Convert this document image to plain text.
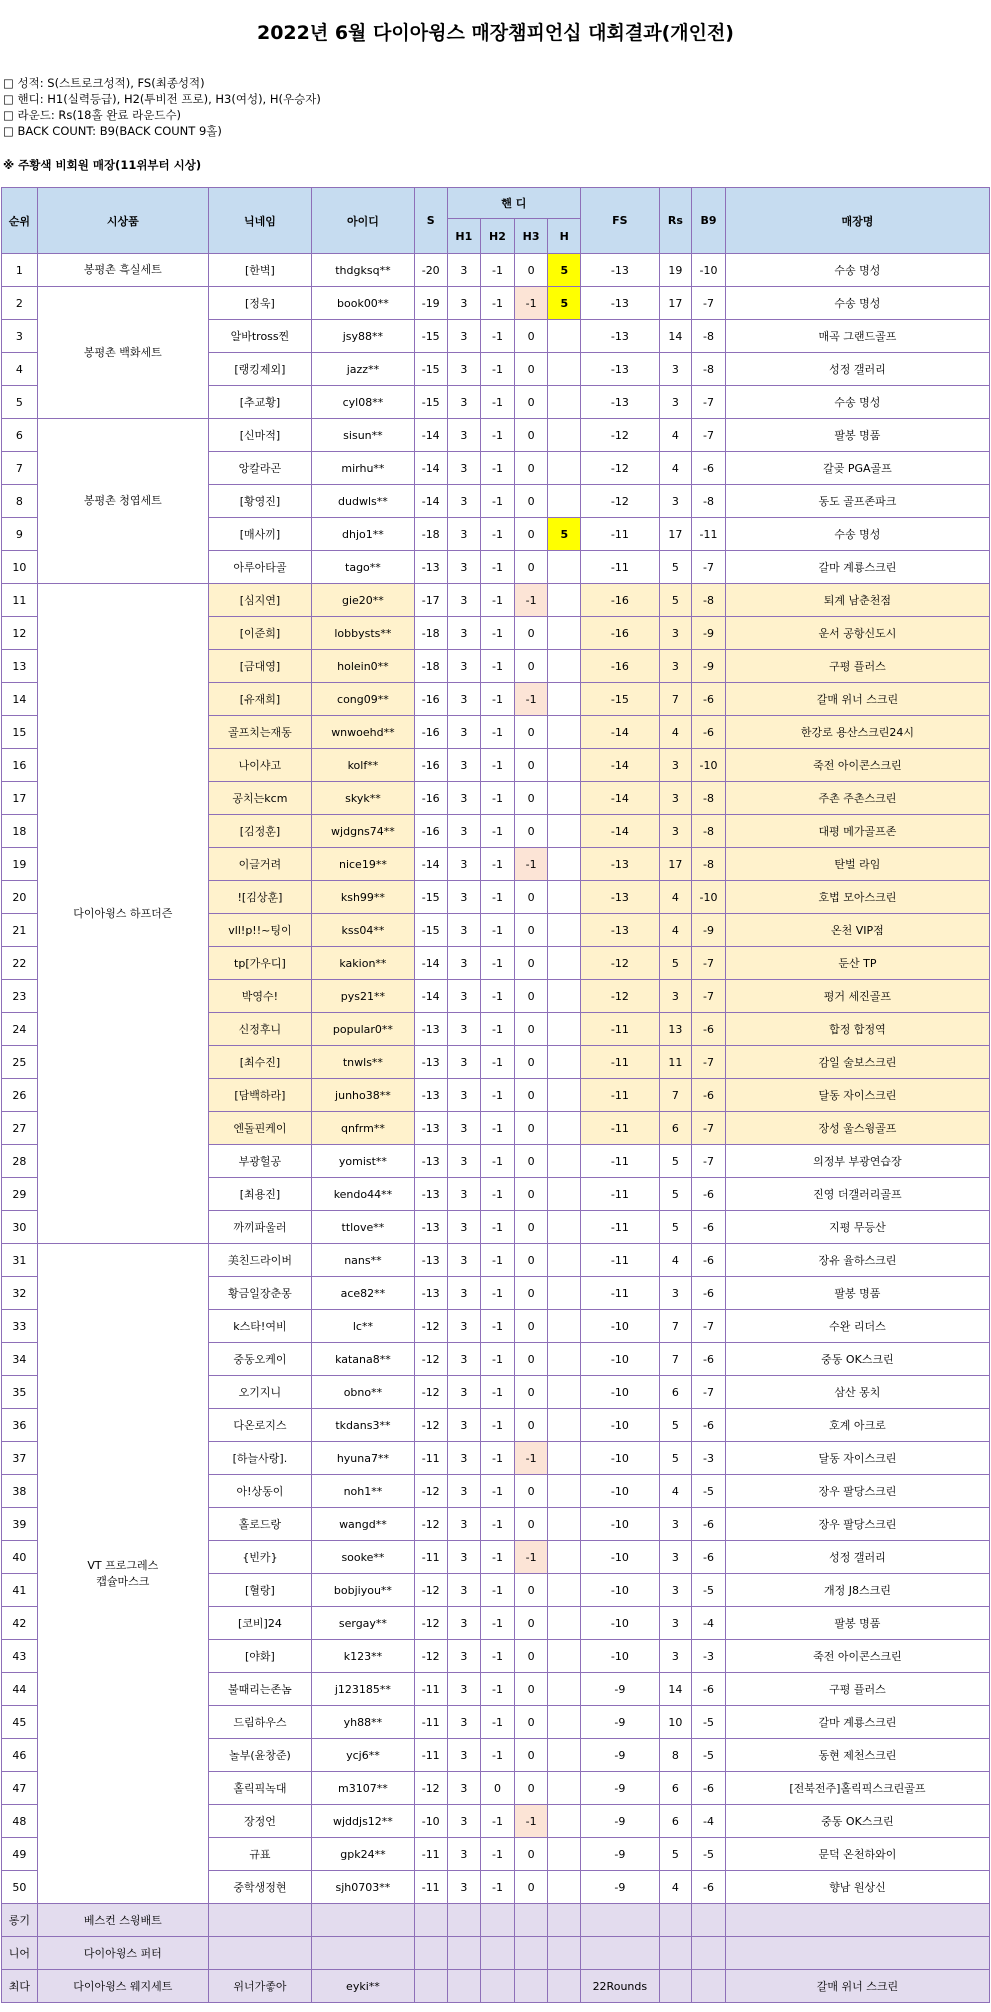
2022년 6월 다이아윙스 매장챔피언십 대회결과(개인전)
□ 성적: S(스트로크성적), FS(최종성적)
□ 핸디: H1(실력등급), H2(투비전 프로), H3(여성), H(우승자)
□ 라운드: Rs(18홀 완료 라운드수)
□ BACK COUNT: B9(BACK COUNT 9홀)
※ 주황색 비회원 매장(11위부터 시상)
순위	시상품	닉네임	아이디	S	핸 디				FS	Rs	B9	매장명
					H1	H2	H3	H				
1	봉평촌 흑실세트	[한벽]	thdgksq**	-20	3	-1	0	5	-13	19	-10	수송 명성
2	봉평촌 백화세트	[정욱]	book00**	-19	3	-1	-1	5	-13	17	-7	수송 명성
3		알바tross찐	jsy88**	-15	3	-1	0		-13	14	-8	매곡 그랜드골프
4		[랭킹제외]	jazz**	-15	3	-1	0		-13	3	-8	성정 갤러리
5		[추교황]	cyl08**	-15	3	-1	0		-13	3	-7	수송 명성
6	봉평촌 청엽세트	[신마적]	sisun**	-14	3	-1	0		-12	4	-7	팔봉 명품
7		앙칼라곤	mirhu**	-14	3	-1	0		-12	4	-6	갈곶 PGA골프
8		[황영진]	dudwls**	-14	3	-1	0		-12	3	-8	동도 골프존파크
9		[매사끼]	dhjo1**	-18	3	-1	0	5	-11	17	-11	수송 명성
10		아루아타골	tago**	-13	3	-1	0		-11	5	-7	갈마 계룡스크린
11	다이아윙스 하프더즌	[심지연]	gie20**	-17	3	-1	-1		-16	5	-8	퇴계 남춘천점
12		[이준희]	lobbysts**	-18	3	-1	0		-16	3	-9	운서 공항신도시
13		[금대영]	holein0**	-18	3	-1	0		-16	3	-9	구평 플러스
14		[유재희]	cong09**	-16	3	-1	-1		-15	7	-6	갈매 위너 스크린
15		골프치는재동	wnwoehd**	-16	3	-1	0		-14	4	-6	한강로 용산스크린24시
16		나이샤고	kolf**	-16	3	-1	0		-14	3	-10	죽전 아이콘스크린
17		공치는kcm	skyk**	-16	3	-1	0		-14	3	-8	주촌 주촌스크린
18		[김정훈]	wjdgns74**	-16	3	-1	0		-14	3	-8	대평 메가골프존
19		이글거려	nice19**	-14	3	-1	-1		-13	17	-8	탄벌 라임
20		![김상훈]	ksh99**	-15	3	-1	0		-13	4	-10	호법 모아스크린
21		vll!p!!~팅이	kss04**	-15	3	-1	0		-13	4	-9	온천 VIP점
22		tp[가우디]	kakion**	-14	3	-1	0		-12	5	-7	둔산 TP
23		박영수!	pys21**	-14	3	-1	0		-12	3	-7	평거 세진골프
24		신정후니	popular0**	-13	3	-1	0		-11	13	-6	합정 합정역
25		[최수진]	tnwls**	-13	3	-1	0		-11	11	-7	감일 술보스크린
26		[담백하라]	junho38**	-13	3	-1	0		-11	7	-6	달동 자이스크린
27		엔돌핀케이	qnfrm**	-13	3	-1	0		-11	6	-7	장성 울스윙골프
28		부광헐공	yomist**	-13	3	-1	0		-11	5	-7	의정부 부광연습장
29		[최용진]	kendo44**	-13	3	-1	0		-11	5	-6	진영 더갤러리골프
30		까끼파울러	ttlove**	-13	3	-1	0		-11	5	-6	지평 무등산
31	VT 프로그레스
캡슐마스크	美친드라이버	nans**	-13	3	-1	0		-11	4	-6	장유 율하스크린
32		황금일장춘몽	ace82**	-13	3	-1	0		-11	3	-6	팔봉 명품
33		k스타!여비	lc**	-12	3	-1	0		-10	7	-7	수완 리더스
34		중동오케이	katana8**	-12	3	-1	0		-10	7	-6	중동 OK스크린
35		오기지니	obno**	-12	3	-1	0		-10	6	-7	삼산 몽치
36		다온로지스	tkdans3**	-12	3	-1	0		-10	5	-6	호계 아크로
37		[하늘사랑].	hyuna7**	-11	3	-1	-1		-10	5	-3	달동 자이스크린
38		아!상동이	noh1**	-12	3	-1	0		-10	4	-5	장우 팔당스크린
39		홀로드랑	wangd**	-12	3	-1	0		-10	3	-6	장우 팔당스크린
40		{빈카}	sooke**	-11	3	-1	-1		-10	3	-6	성정 갤러리
41		[혈랑]	bobjiyou**	-12	3	-1	0		-10	3	-5	개정 J8스크린
42		[코비]24	sergay**	-12	3	-1	0		-10	3	-4	팔봉 명품
43		[야화]	k123**	-12	3	-1	0		-10	3	-3	죽전 아이콘스크린
44		불때리는존놈	j123185**	-11	3	-1	0		-9	14	-6	구평 플러스
45		드림하우스	yh88**	-11	3	-1	0		-9	10	-5	갈마 계룡스크린
46		놀부(윤창준)	ycj6**	-11	3	-1	0		-9	8	-5	동현 제천스크린
47		홀릭픽녹대	m3107**	-12	3	0	0		-9	6	-6	[전북전주]홀릭픽스크린골프
48		장정언	wjddjs12**	-10	3	-1	-1		-9	6	-4	중동 OK스크린
49		규표	gpk24**	-11	3	-1	0		-9	5	-5	문덕 온천하와이
50		중학생정현	sjh0703**	-11	3	-1	0		-9	4	-6	향남 원상신
롱기	베스컨 스윙배트											
니어	다이아윙스 퍼터											
최다	다이아윙스 웨지세트	위너가좋아	eyki**						22Rounds			갈매 위너 스크린
